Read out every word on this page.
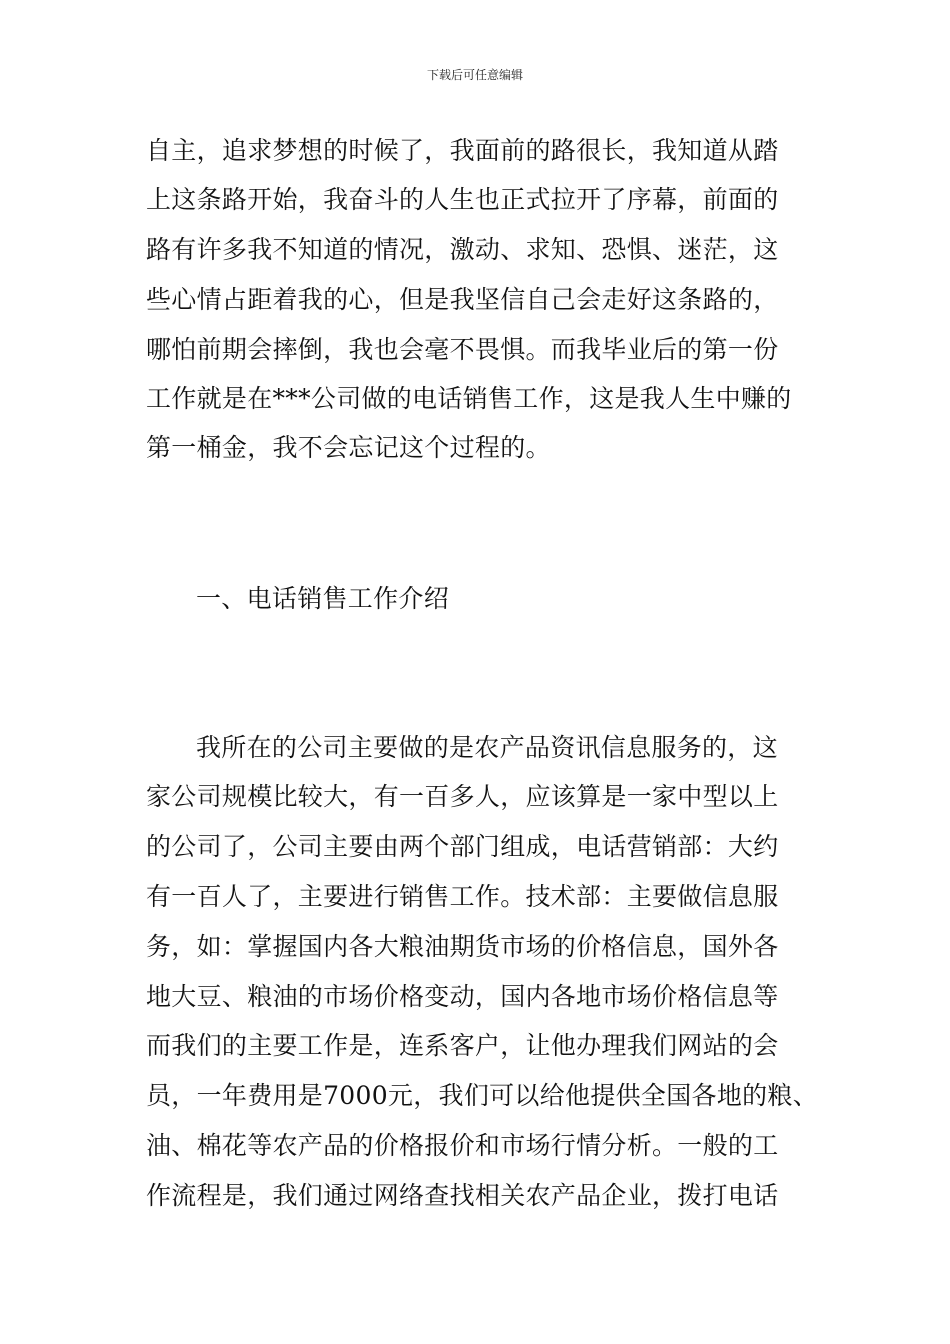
下载后可任意编辑
自主，追求梦想的时候了，我面前的路很长，我知道从踏
上这条路开始，我奋斗的人生也正式拉开了序幕，前面的
路有许多我不知道的情况，激动、求知、恐惧、迷茫，这
些心情占距着我的心，但是我坚信自己会走好这条路的，
哪怕前期会摔倒，我也会毫不畏惧。而我毕业后的第一份
工作就是在***公司做的电话销售工作，这是我人生中赚的
第一桶金，我不会忘记这个过程的。
一、电话销售工作介绍
我所在的公司主要做的是农产品资讯信息服务的，这
家公司规模比较大，有一百多人，应该算是一家中型以上
的公司了，公司主要由两个部门组成，电话营销部：大约
有一百人了，主要进行销售工作。技术部：主要做信息服
务，如：掌握国内各大粮油期货市场的价格信息，国外各
地大豆、粮油的市场价格变动，国内各地市场价格信息等
而我们的主要工作是，连系客户，让他办理我们网站的会
员，一年费用是7000元，我们可以给他提供全国各地的粮、
油、棉花等农产品的价格报价和市场行情分析。一般的工
作流程是，我们通过网络查找相关农产品企业，拨打电话
